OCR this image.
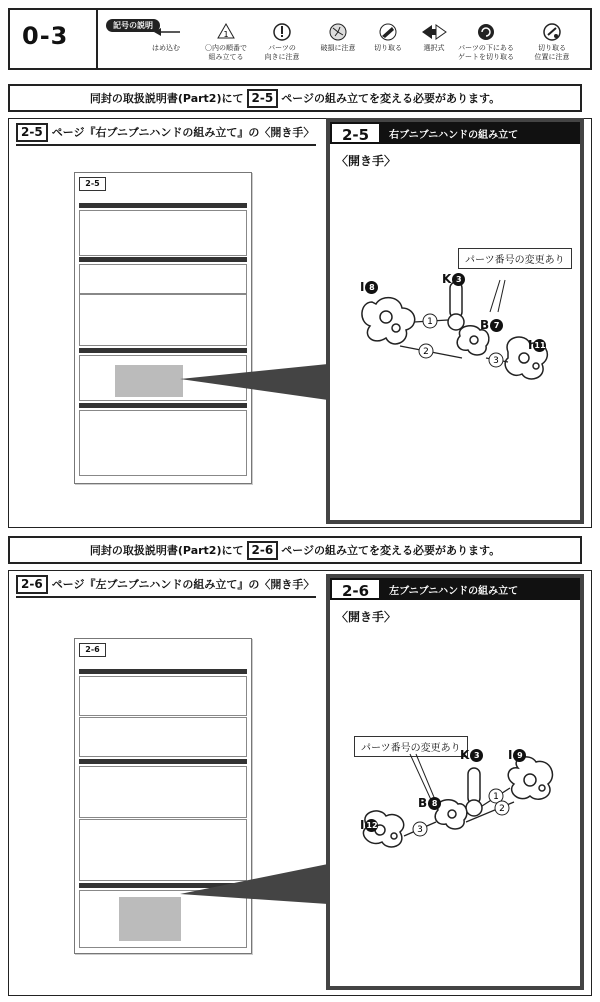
0-3	記号の説明
はめ込む
1
〇内の順番で
組み立てる
パーツの
向きに注意
破損に注意	切り取る	選択式	パーツの下にある
ゲートを切り取る
切り取る
位置に注意
同封の取扱説明書(Part2)にて 2-5 ページの組み立てを変える必要があります。
2-5 ページ『右ブニブニハンドの組み立て』の〈開き手〉
2-5
2-5	右ブニブニハンドの組み立て
〈開き手〉
パーツ番号の変更あり
1
2
3
K 3
B 7
I 8
I 11
同封の取扱説明書(Part2)にて 2-6 ページの組み立てを変える必要があります。
2-6 ページ『左ブニブニハンドの組み立て』の〈開き手〉
2-6
2-6	左ブニブニハンドの組み立て
〈開き手〉
パーツ番号の変更あり
1
2
3
K 3
B 8
I 9
I 12
